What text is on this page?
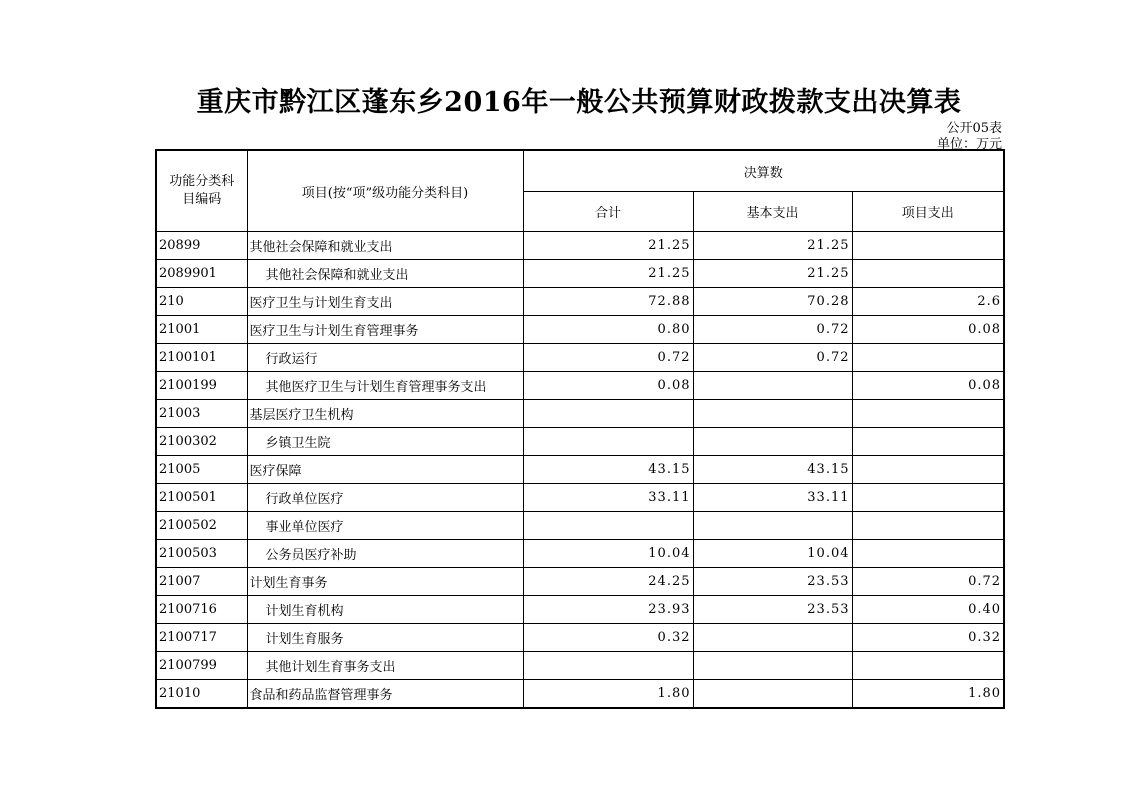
重庆市黔江区蓬东乡2016年一般公共预算财政拨款支出决算表
公开05表
单位：万元
功能分类科目编码	项目(按“项”级功能分类科目)	决算数		
		合计	基本支出	项目支出
20899	其他社会保障和就业支出	21.25	21.25	
2089901	其他社会保障和就业支出	21.25	21.25	
210	医疗卫生与计划生育支出	72.88	70.28	2.6
21001	医疗卫生与计划生育管理事务	0.80	0.72	0.08
2100101	行政运行	0.72	0.72	
2100199	其他医疗卫生与计划生育管理事务支出	0.08		0.08
21003	基层医疗卫生机构			
2100302	乡镇卫生院			
21005	医疗保障	43.15	43.15	
2100501	行政单位医疗	33.11	33.11	
2100502	事业单位医疗			
2100503	公务员医疗补助	10.04	10.04	
21007	计划生育事务	24.25	23.53	0.72
2100716	计划生育机构	23.93	23.53	0.40
2100717	计划生育服务	0.32		0.32
2100799	其他计划生育事务支出			
21010	食品和药品监督管理事务	1.80		1.80
